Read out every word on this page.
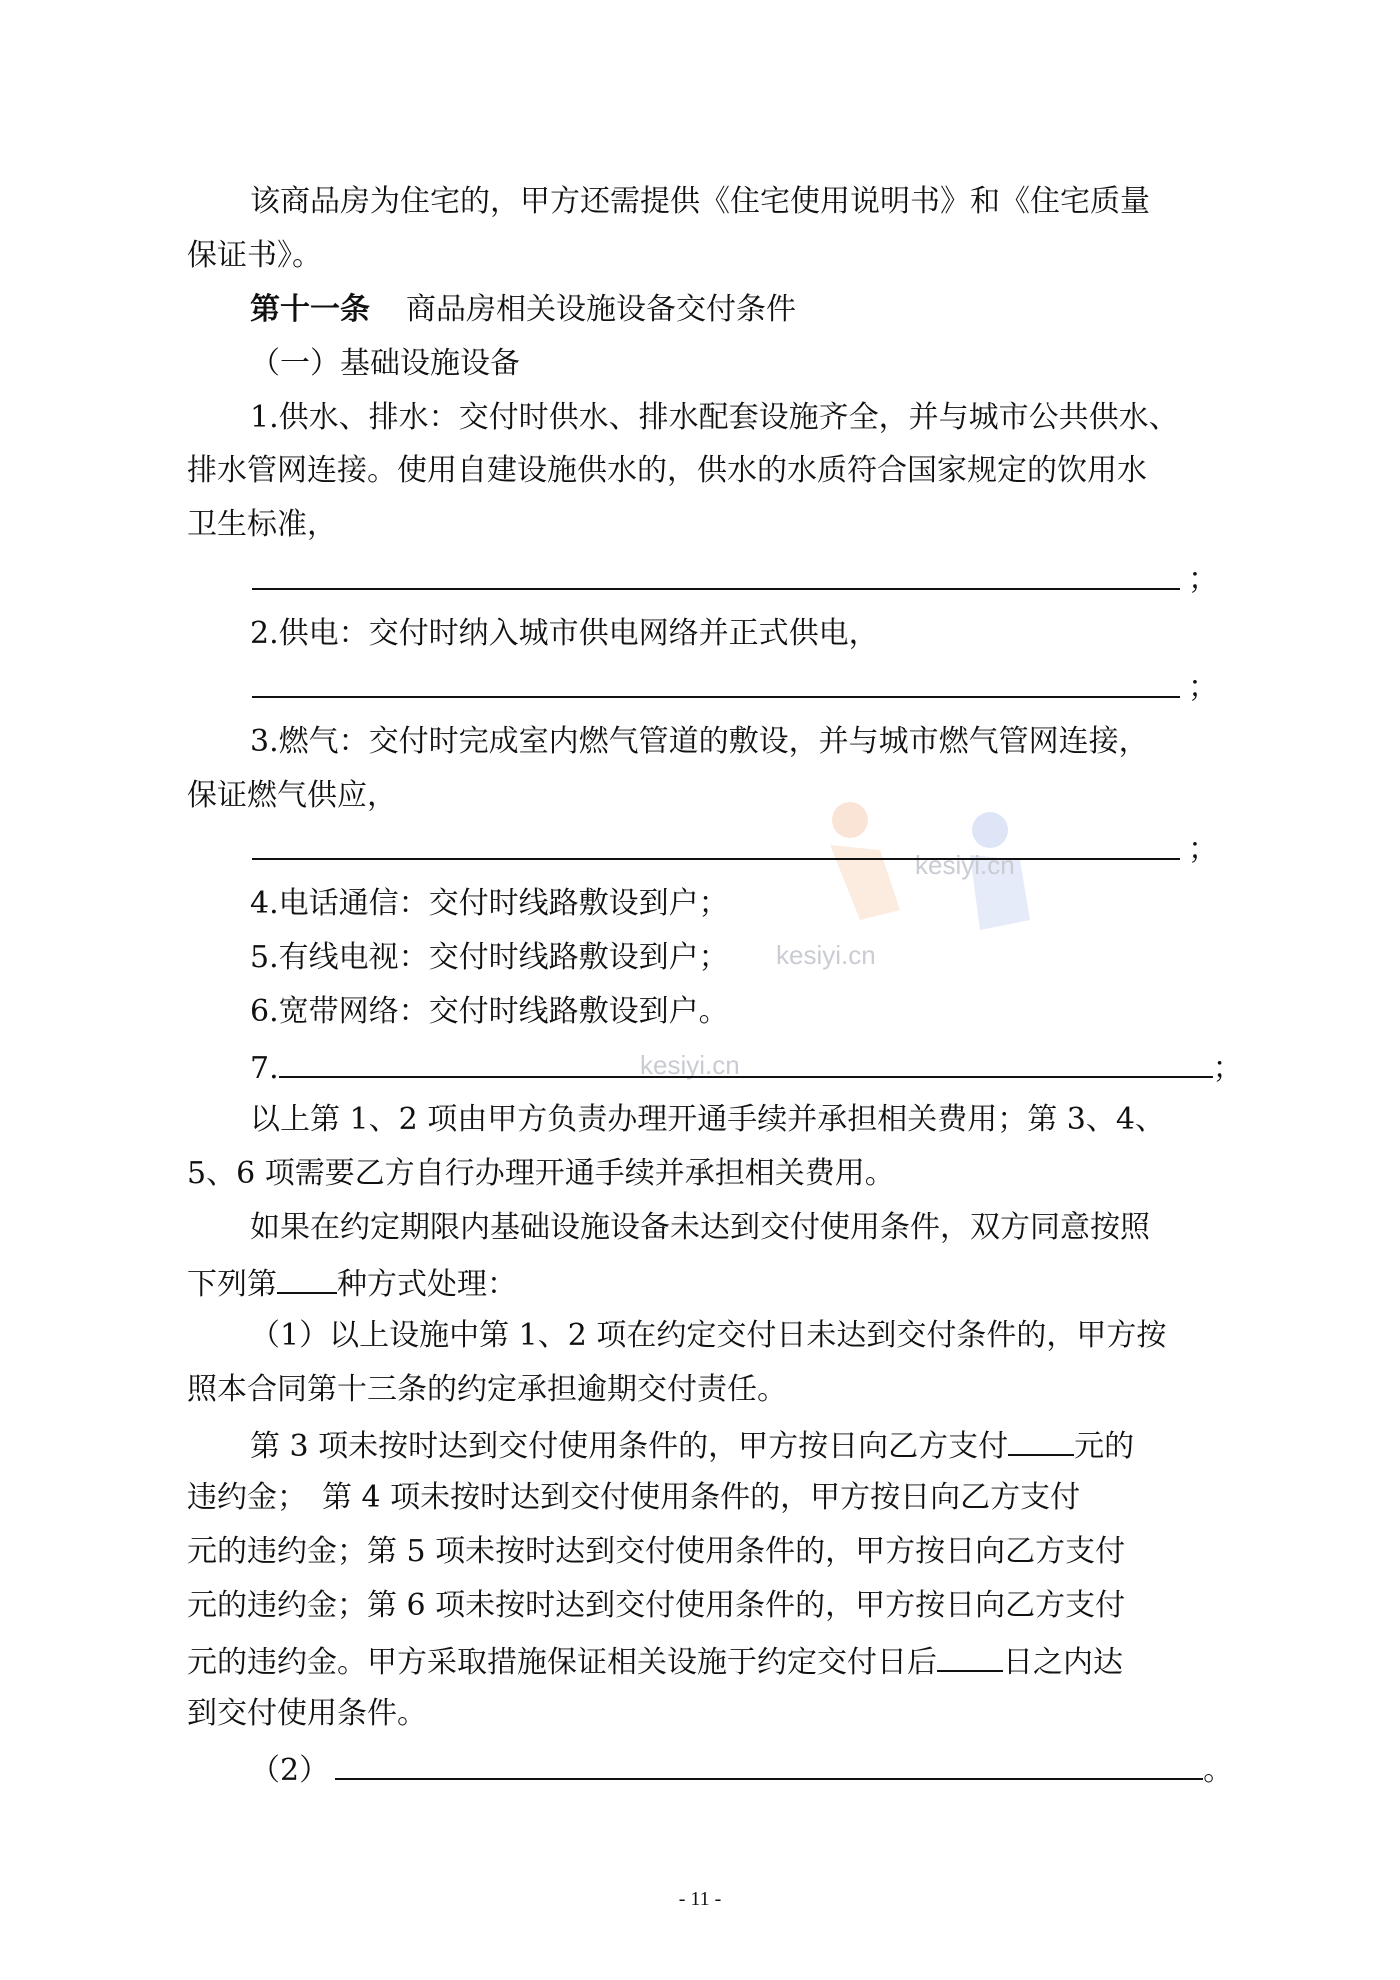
kesiyi.cn
kesiyi.cn
kesiyi.cn
该商品房为住宅的，甲方还需提供《住宅使用说明书》和《住宅质量
保证书》。
第十一条 商品房相关设施设备交付条件
（一）基础设施设备
1.供水、排水：交付时供水、排水配套设施齐全，并与城市公共供水、
排水管网连接。使用自建设施供水的，供水的水质符合国家规定的饮用水
卫生标准，
；
2.供电：交付时纳入城市供电网络并正式供电，
；
3.燃气：交付时完成室内燃气管道的敷设，并与城市燃气管网连接，
保证燃气供应，
；
4.电话通信：交付时线路敷设到户；
5.有线电视：交付时线路敷设到户；
6.宽带网络：交付时线路敷设到户。
7.	；
以上第 1、2 项由甲方负责办理开通手续并承担相关费用；第 3、4、
5、6 项需要乙方自行办理开通手续并承担相关费用。
如果在约定期限内基础设施设备未达到交付使用条件，双方同意按照
下列第 种方式处理：
（1）以上设施中第 1、2 项在约定交付日未达到交付条件的，甲方按
照本合同第十三条的约定承担逾期交付责任。
第 3 项未按时达到交付使用条件的，甲方按日向乙方支付 元的
违约金；　第 4 项未按时达到交付使用条件的，甲方按日向乙方支付
元的违约金；第 5 项未按时达到交付使用条件的，甲方按日向乙方支付
元的违约金；第 6 项未按时达到交付使用条件的，甲方按日向乙方支付
元的违约金。甲方采取措施保证相关设施于约定交付日后 日之内达
到交付使用条件。
（2）	。
- 11 -
